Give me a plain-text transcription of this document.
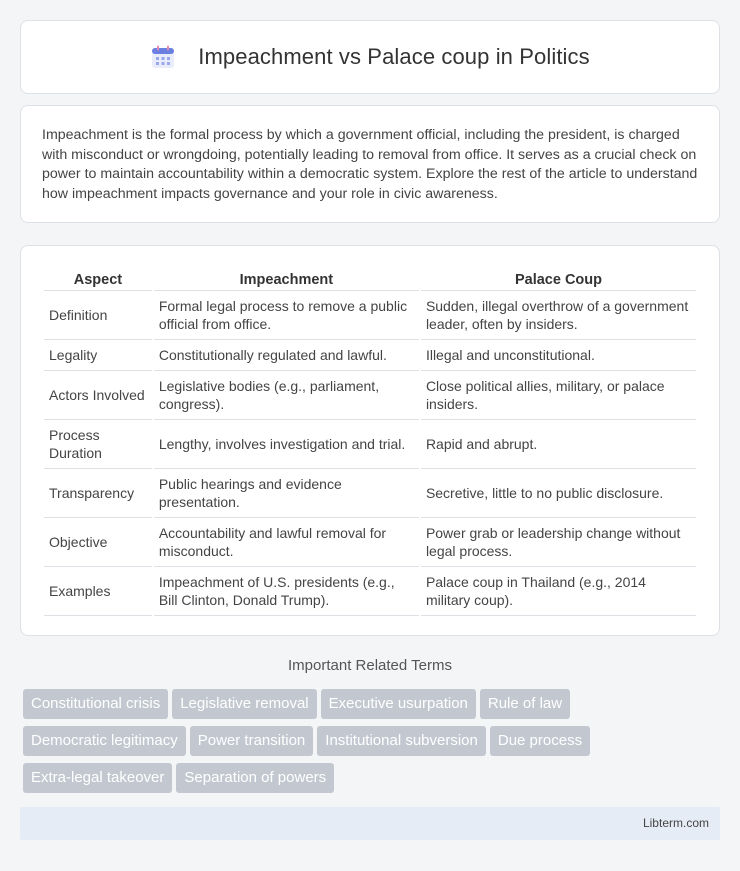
Impeachment vs Palace coup in Politics

Impeachment is the formal process by which a government official, including the president, is charged with misconduct or wrongdoing, potentially leading to removal from office. It serves as a crucial check on power to maintain accountability within a democratic system. Explore the rest of the article to understand how impeachment impacts governance and your role in civic awareness.

Aspect	Impeachment	Palace Coup
Definition	Formal legal process to remove a public official from office.	Sudden, illegal overthrow of a government leader, often by insiders.
Legality	Constitutionally regulated and lawful.	Illegal and unconstitutional.
Actors Involved	Legislative bodies (e.g., parliament, congress).	Close political allies, military, or palace insiders.
Process Duration	Lengthy, involves investigation and trial.	Rapid and abrupt.
Transparency	Public hearings and evidence presentation.	Secretive, little to no public disclosure.
Objective	Accountability and lawful removal for misconduct.	Power grab or leadership change without legal process.
Examples	Impeachment of U.S. presidents (e.g., Bill Clinton, Donald Trump).	Palace coup in Thailand (e.g., 2014 military coup).
Important Related Terms
Constitutional crisis Legislative removal Executive usurpation Rule of law
Democratic legitimacy Power transition Institutional subversion Due process
Extra-legal takeover Separation of powers
Libterm.com
